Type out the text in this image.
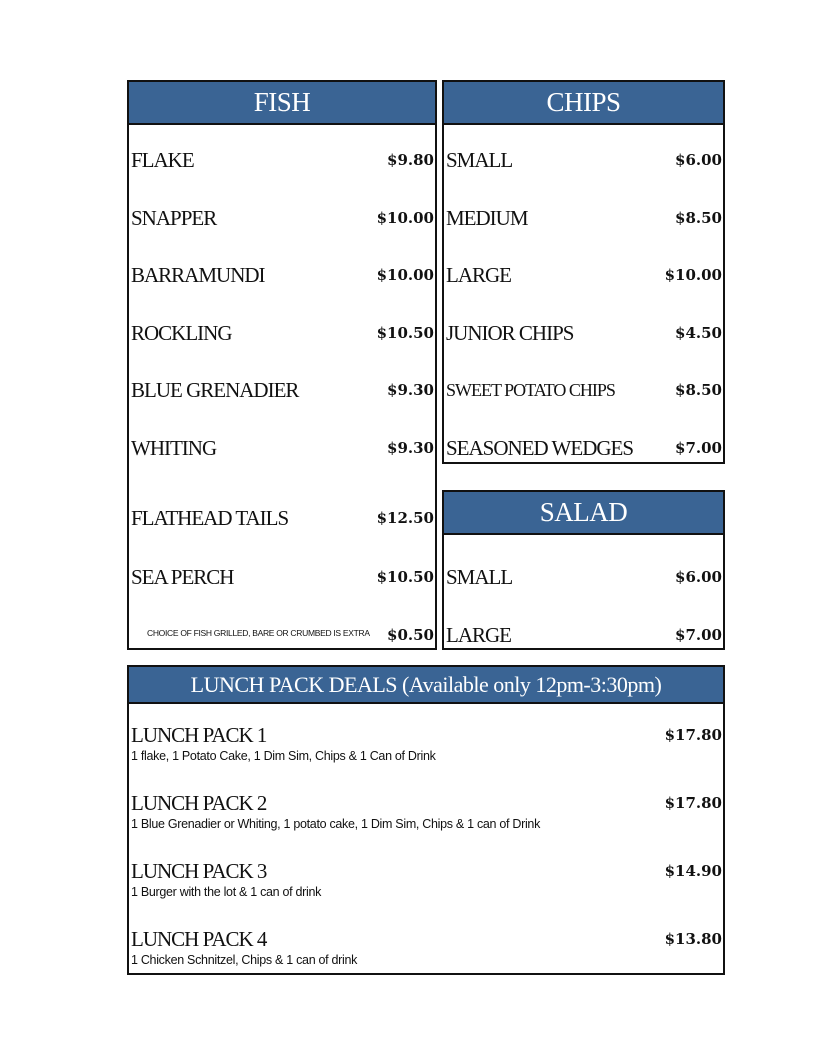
FISH
FLAKE	$9.80
SNAPPER	$10.00
BARRAMUNDI	$10.00
ROCKLING	$10.50
BLUE GRENADIER	$9.30
WHITING	$9.30
FLATHEAD TAILS	$12.50
SEA PERCH	$10.50
CHOICE OF FISH GRILLED, BARE OR CRUMBED IS EXTRA $0.50
CHIPS
SMALL	$6.00
MEDIUM	$8.50
LARGE	$10.00
JUNIOR CHIPS	$4.50
SWEET POTATO CHIPS	$8.50
SEASONED WEDGES	$7.00
SALAD
SMALL	$6.00
LARGE	$7.00
LUNCH PACK DEALS (Available only 12pm-3:30pm)
LUNCH PACK 1	$17.80
1 flake, 1 Potato Cake, 1 Dim Sim, Chips & 1 Can of Drink
LUNCH PACK 2	$17.80
1 Blue Grenadier or Whiting, 1 potato cake, 1 Dim Sim, Chips & 1 can of Drink
LUNCH PACK 3	$14.90
1 Burger with the lot & 1 can of drink
LUNCH PACK 4	$13.80
1 Chicken Schnitzel, Chips & 1 can of drink
